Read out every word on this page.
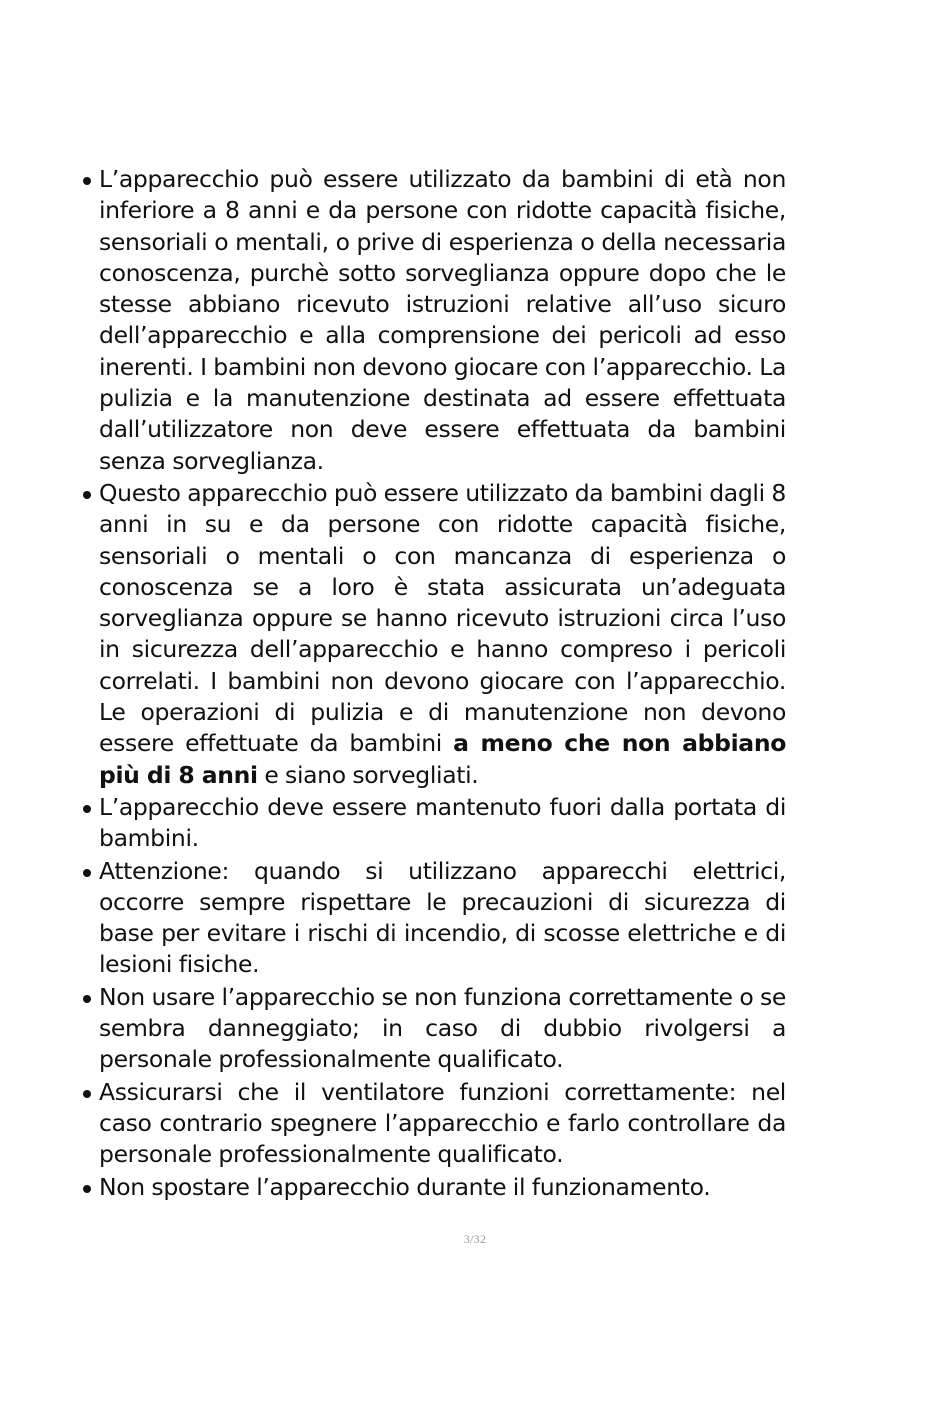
L’apparecchio può essere utilizzato da bambini di età non inferiore a 8 anni e da persone con ridotte capacità fisiche, sensoriali o mentali, o prive di esperienza o della necessaria conoscenza, purchè sotto sorveglianza oppure dopo che le stesse abbiano ricevuto istruzioni relative all’uso sicuro dell’apparecchio e alla comprensione dei pericoli ad esso inerenti. I bambini non devono giocare con l’apparecchio. La pulizia e la manutenzione destinata ad essere effettuata dall’utilizzatore non deve essere effettuata da bambini senza sorveglianza.
Questo apparecchio può essere utilizzato da bambini dagli 8 anni in su e da persone con ridotte capacità fisiche, sensoriali o mentali o con mancanza di esperienza o conoscenza se a loro è stata assicurata un’adeguata sorveglianza oppure se hanno ricevuto istruzioni circa l’uso in sicurezza dell’apparecchio e hanno compreso i pericoli correlati. I bambini non devono giocare con l’apparecchio. Le operazioni di pulizia e di manutenzione non devono essere effettuate da bambini a meno che non abbiano più di 8 anni e siano sorvegliati.
L’apparecchio deve essere mantenuto fuori dalla portata di bambini.
Attenzione: quando si utilizzano apparecchi elettrici, occorre sempre rispettare le precauzioni di sicurezza di base per evitare i rischi di incendio, di scosse elettriche e di lesioni fisiche.
Non usare l’apparecchio se non funziona correttamente o se sembra danneggiato; in caso di dubbio rivolgersi a personale professionalmente qualificato.
Assicurarsi che il ventilatore funzioni correttamente: nel caso contrario spegnere l’apparecchio e farlo controllare da personale professionalmente qualificato.
Non spostare l’apparecchio durante il funzionamento.
3/32
